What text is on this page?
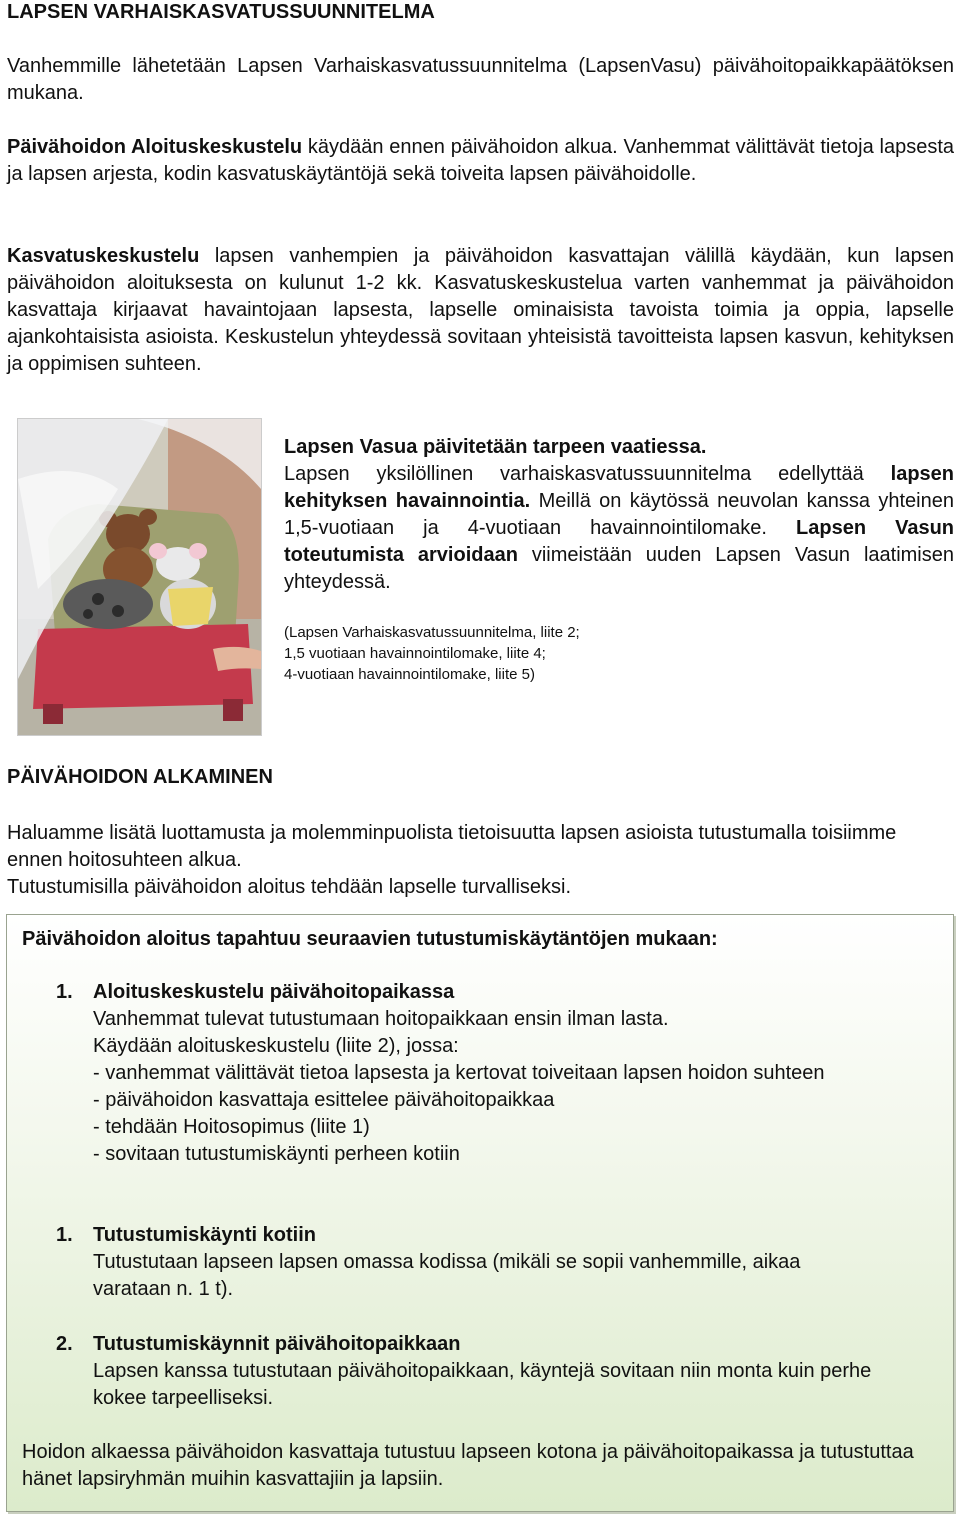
LAPSEN VARHAISKASVATUSSUUNNITELMA

Vanhemmille lähetetään Lapsen Varhaiskasvatussuunnitelma (LapsenVasu) päivähoitopaikkapäätöksen mukana.

Päivähoidon Aloituskeskustelu käydään ennen päivähoidon alkua. Vanhemmat välittävät tietoja lapsesta ja lapsen arjesta, kodin kasvatuskäytäntöjä sekä toiveita lapsen päivähoidolle.

Kasvatuskeskustelu lapsen vanhempien ja päivähoidon kasvattajan välillä käydään, kun lapsen päivähoidon aloituksesta on kulunut 1-2 kk. Kasvatuskeskustelua varten vanhemmat ja päivähoidon kasvattaja kirjaavat havaintojaan lapsesta, lapselle ominaisista tavoista toimia ja oppia, lapselle ajankohtaisista asioista. Keskustelun yhteydessä sovitaan yhteisistä tavoitteista lapsen kasvun, kehityksen ja oppimisen suhteen.

Lapsen Vasua päivitetään tarpeen vaatiessa.

Lapsen yksilöllinen varhaiskasvatussuunnitelma edellyttää lapsen kehityksen havainnointia. Meillä on käytössä neuvolan kanssa yhteinen 1,5-vuotiaan ja 4-vuotiaan havainnointilomake. Lapsen Vasun toteutumista arvioidaan viimeistään uuden Lapsen Vasun laatimisen yhteydessä.
(Lapsen Varhaiskasvatussuunnitelma, liite 2;
1,5 vuotiaan havainnointilomake, liite 4;
4-vuotiaan havainnointilomake, liite 5)
PÄIVÄHOIDON ALKAMINEN

Haluamme lisätä luottamusta ja molemminpuolista tietoisuutta lapsen asioista tutustumalla toisiimme ennen hoitosuhteen alkua.

Tutustumisilla päivähoidon aloitus tehdään lapselle turvalliseksi.

Päivähoidon aloitus tapahtuu seuraavien tutustumiskäytäntöjen mukaan:
1. Aloituskeskustelu päivähoitopaikassa
Vanhemmat tulevat tutustumaan hoitopaikkaan ensin ilman lasta.
Käydään aloituskeskustelu (liite 2), jossa:
- vanhemmat välittävät tietoa lapsesta ja kertovat toiveitaan lapsen hoidon suhteen
- päivähoidon kasvattaja esittelee päivähoitopaikkaa
- tehdään Hoitosopimus (liite 1)
- sovitaan tutustumiskäynti perheen kotiin
1. Tutustumiskäynti kotiin
Tutustutaan lapseen lapsen omassa kodissa (mikäli se sopii vanhemmille, aikaa varataan n. 1 t).
2. Tutustumiskäynnit päivähoitopaikkaan
Lapsen kanssa tutustutaan päivähoitopaikkaan, käyntejä sovitaan niin monta kuin perhe kokee tarpeelliseksi.
Hoidon alkaessa päivähoidon kasvattaja tutustuu lapseen kotona ja päivähoitopaikassa ja tutustuttaa hänet lapsiryhmän muihin kasvattajiin ja lapsiin.
